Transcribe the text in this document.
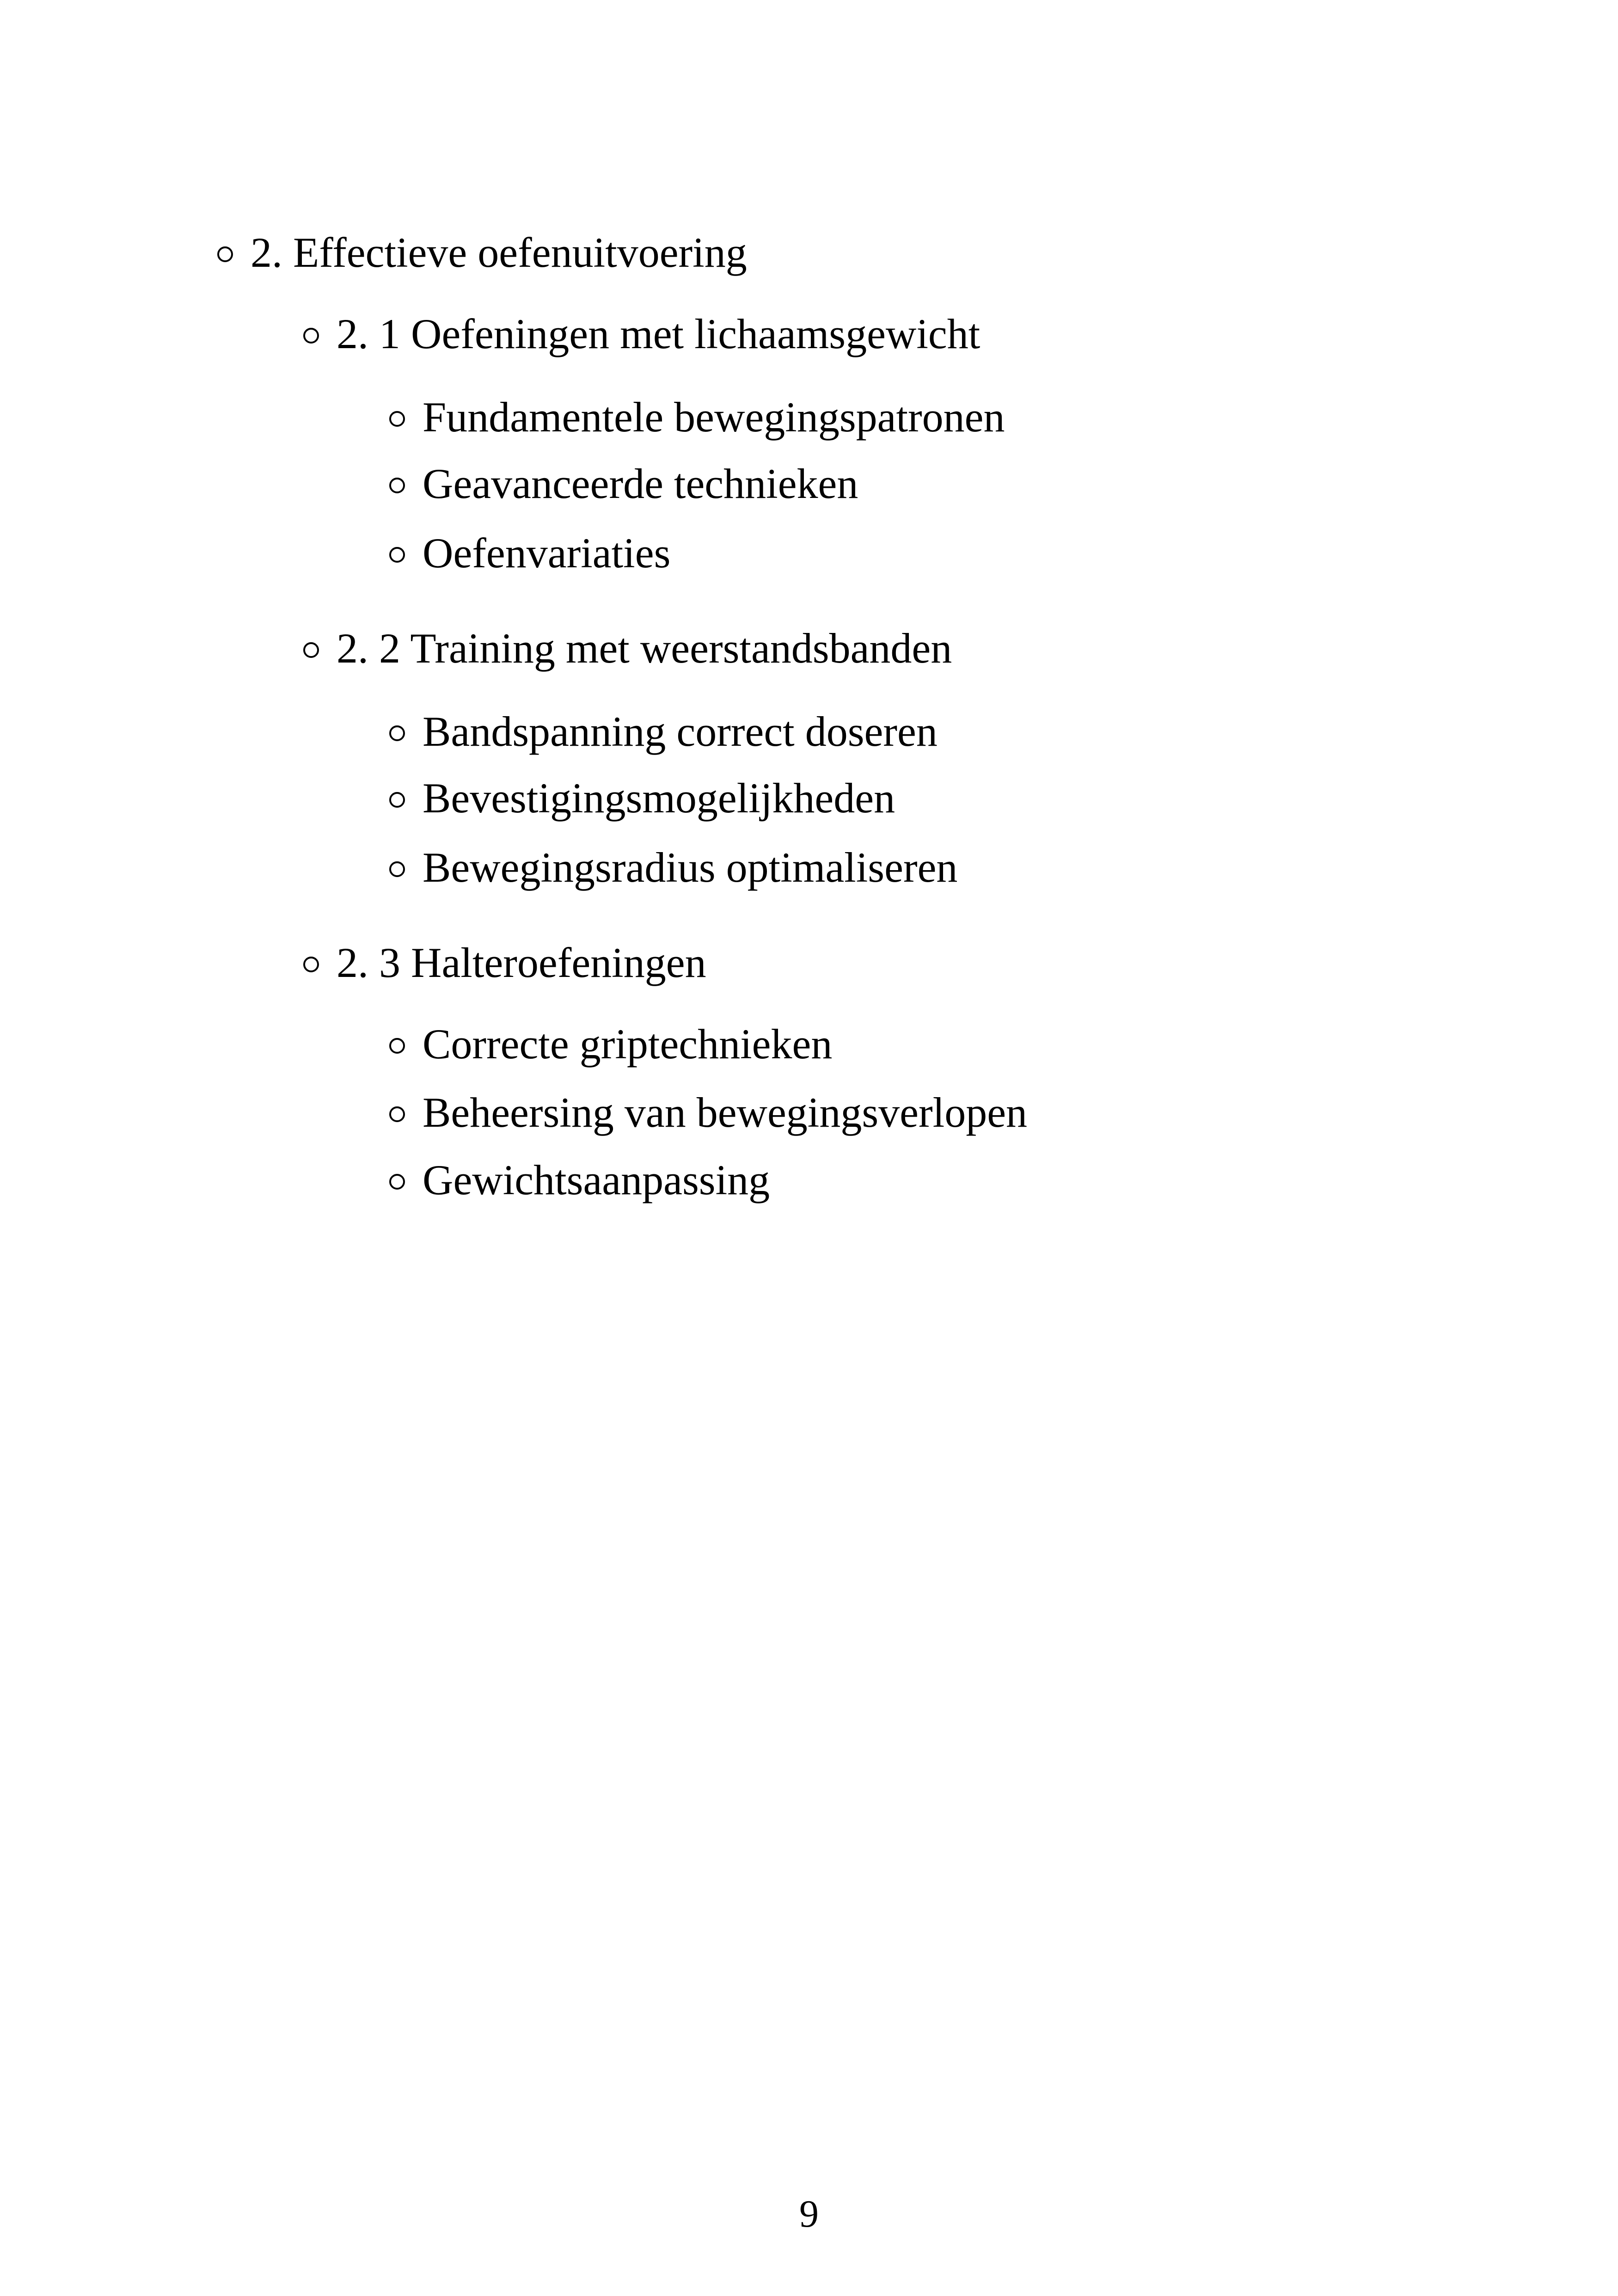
2. Effectieve oefenuitvoering
2. 1 Oefeningen met lichaamsgewicht
Fundamentele bewegingspatronen
Geavanceerde technieken
Oefenvariaties
2. 2 Training met weerstandsbanden
Bandspanning correct doseren
Bevestigingsmogelijkheden
Bewegingsradius optimaliseren
2. 3 Halteroefeningen
Correcte griptechnieken
Beheersing van bewegingsverlopen
Gewichtsaanpassing
9
